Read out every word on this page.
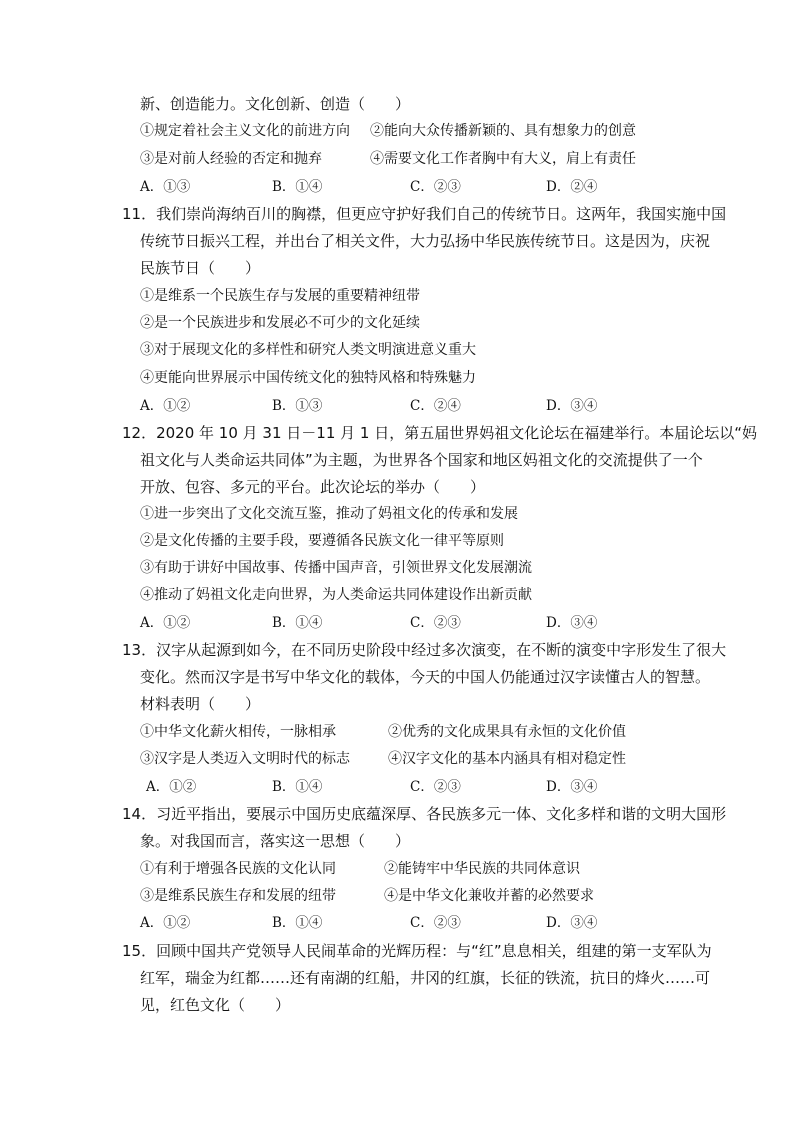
新、创造能力。文化创新、创造（　　）
①规定着社会主义文化的前进方向 ②能向大众传播新颖的、具有想象力的创意
③是对前人经验的否定和抛弃	④需要文化工作者胸中有大义，肩上有责任
A．①③	B．①④	C．②③	D．②④
11．我们崇尚海纳百川的胸襟，但更应守护好我们自己的传统节日。这两年，我国实施中国
传统节日振兴工程，并出台了相关文件，大力弘扬中华民族传统节日。这是因为，庆祝
民族节日（　　）
①是维系一个民族生存与发展的重要精神纽带
②是一个民族进步和发展必不可少的文化延续
③对于展现文化的多样性和研究人类文明演进意义重大
④更能向世界展示中国传统文化的独特风格和特殊魅力
A．①②	B．①③	C．②④	D．③④
12．2020 年 10 月 31 日－11 月 1 日，第五届世界妈祖文化论坛在福建举行。本届论坛以“妈
祖文化与人类命运共同体”为主题，为世界各个国家和地区妈祖文化的交流提供了一个
开放、包容、多元的平台。此次论坛的举办（　　）
①进一步突出了文化交流互鉴，推动了妈祖文化的传承和发展
②是文化传播的主要手段，要遵循各民族文化一律平等原则
③有助于讲好中国故事、传播中国声音，引领世界文化发展潮流
④推动了妈祖文化走向世界，为人类命运共同体建设作出新贡献
A．①②	B．①④	C．②③	D．③④
13．汉字从起源到如今，在不同历史阶段中经过多次演变，在不断的演变中字形发生了很大
变化。然而汉字是书写中华文化的载体，今天的中国人仍能通过汉字读懂古人的智慧。
材料表明（　　）
①中华文化薪火相传，一脉相承	②优秀的文化成果具有永恒的文化价值
③汉字是人类迈入文明时代的标志	④汉字文化的基本内涵具有相对稳定性
A．①②	B．①④	C．②③	D．③④
14．习近平指出，要展示中国历史底蕴深厚、各民族多元一体、文化多样和谐的文明大国形
象。对我国而言，落实这一思想（　　）
①有利于增强各民族的文化认同	②能铸牢中华民族的共同体意识
③是维系民族生存和发展的纽带	④是中华文化兼收并蓄的必然要求
A．①②	B．①④	C．②③	D．③④
15．回顾中国共产党领导人民闹革命的光辉历程：与“红”息息相关，组建的第一支军队为
红军，瑞金为红都……还有南湖的红船，井冈的红旗，长征的铁流，抗日的烽火……可
见，红色文化（　　）
